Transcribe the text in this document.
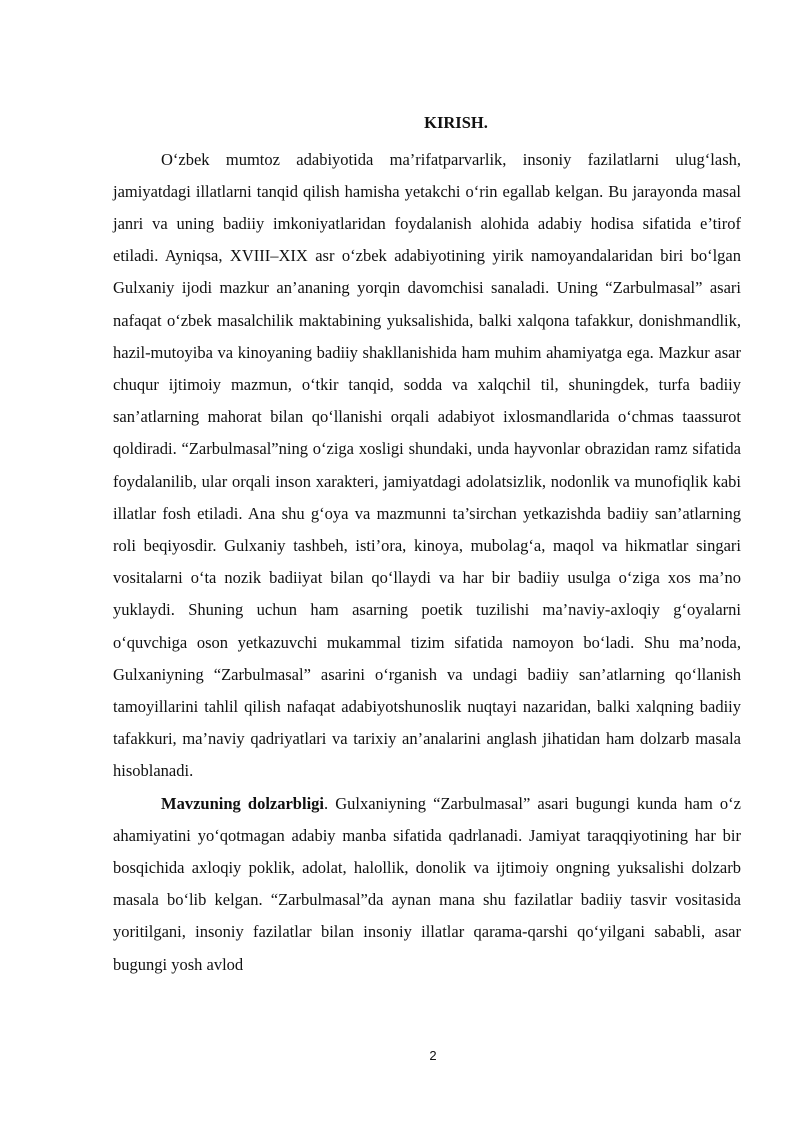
KIRISH.

O‘zbek mumtoz adabiyotida ma’rifatparvarlik, insoniy fazilatlarni ulug‘lash, jamiyatdagi illatlarni tanqid qilish hamisha yetakchi o‘rin egallab kelgan. Bu jarayonda masal janri va uning badiiy imkoniyatlaridan foydalanish alohida adabiy hodisa sifatida e’tirof etiladi. Ayniqsa, XVIII–XIX asr o‘zbek adabiyotining yirik namoyandalaridan biri bo‘lgan Gulxaniy ijodi mazkur an’ananing yorqin davomchisi sanaladi. Uning “Zarbulmasal” asari nafaqat o‘zbek masalchilik maktabining yuksalishida, balki xalqona tafakkur, donishmandlik, hazil-mutoyiba va kinoyaning badiiy shakllanishida ham muhim ahamiyatga ega. Mazkur asar chuqur ijtimoiy mazmun, o‘tkir tanqid, sodda va xalqchil til, shuningdek, turfa badiiy san’atlarning mahorat bilan qo‘llanishi orqali adabiyot ixlosmandlarida o‘chmas taassurot qoldiradi. “Zarbulmasal”ning o‘ziga xosligi shundaki, unda hayvonlar obrazidan ramz sifatida foydalanilib, ular orqali inson xarakteri, jamiyatdagi adolatsizlik, nodonlik va munofiqlik kabi illatlar fosh etiladi. Ana shu g‘oya va mazmunni ta’sirchan yetkazishda badiiy san’atlarning roli beqiyosdir. Gulxaniy tashbeh, isti’ora, kinoya, mubolag‘a, maqol va hikmatlar singari vositalarni o‘ta nozik badiiyat bilan qo‘llaydi va har bir badiiy usulga o‘ziga xos ma’no yuklaydi. Shuning uchun ham asarning poetik tuzilishi ma’naviy-axloqiy g‘oyalarni o‘quvchiga oson yetkazuvchi mukammal tizim sifatida namoyon bo‘ladi. Shu ma’noda, Gulxaniyning “Zarbulmasal” asarini o‘rganish va undagi badiiy san’atlarning qo‘llanish tamoyillarini tahlil qilish nafaqat adabiyotshunoslik nuqtayi nazaridan, balki xalqning badiiy tafakkuri, ma’naviy qadriyatlari va tarixiy an’analarini anglash jihatidan ham dolzarb masala hisoblanadi.

Mavzuning dolzarbligi. Gulxaniyning “Zarbulmasal” asari bugungi kunda ham o‘z ahamiyatini yo‘qotmagan adabiy manba sifatida qadrlanadi. Jamiyat taraqqiyotining har bir bosqichida axloqiy poklik, adolat, halollik, donolik va ijtimoiy ongning yuksalishi dolzarb masala bo‘lib kelgan. “Zarbulmasal”da aynan mana shu fazilatlar badiiy tasvir vositasida yoritilgani, insoniy fazilatlar bilan insoniy illatlar qarama-qarshi qo‘yilgani sababli, asar bugungi yosh avlod

2
